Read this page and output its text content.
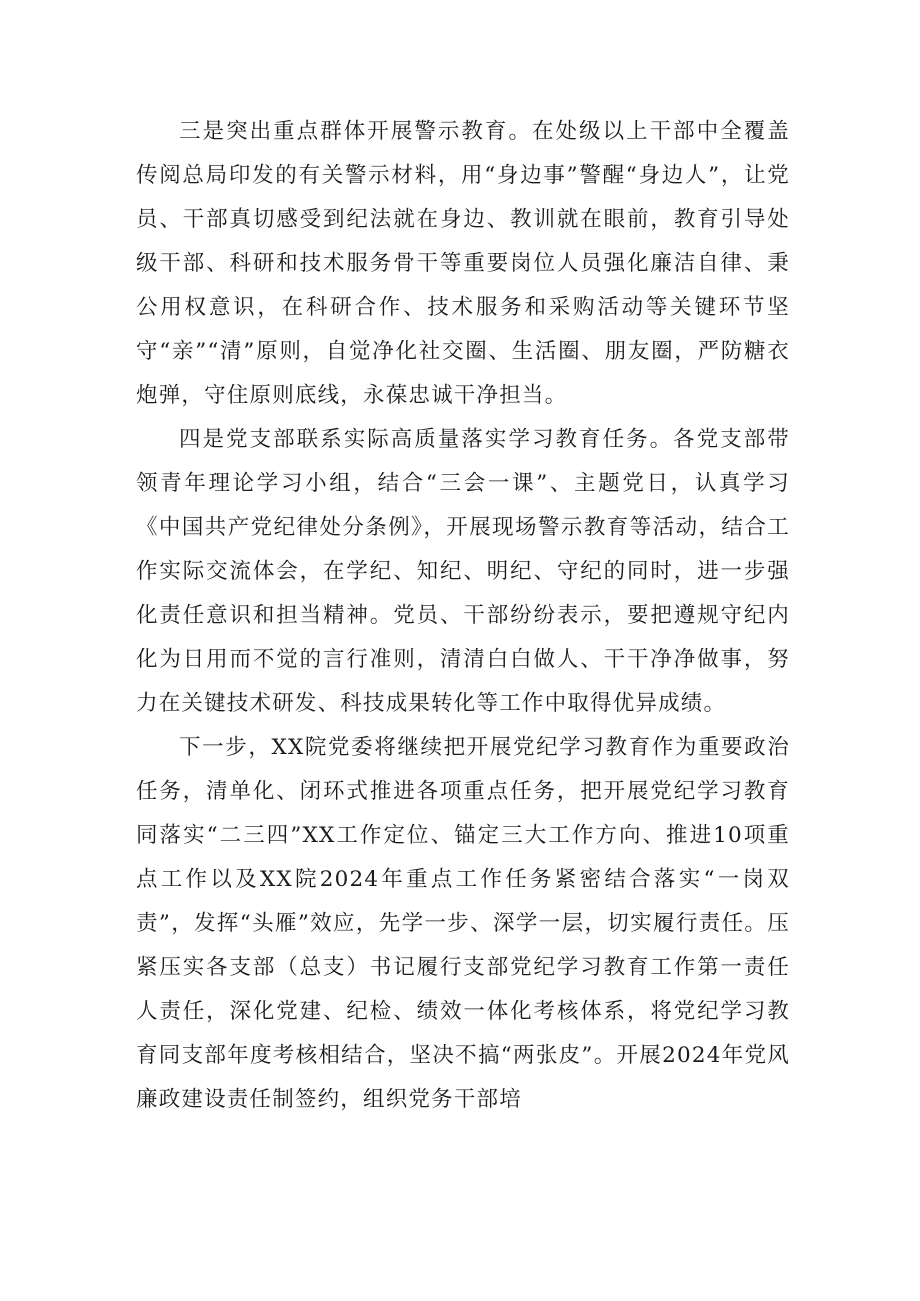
三是突出重点群体开展警示教育。在处级以上干部中全覆盖传阅总局印发的有关警示材料，用“身边事”警醒“身边人”，让党员、干部真切感受到纪法就在身边、教训就在眼前，教育引导处级干部、科研和技术服务骨干等重要岗位人员强化廉洁自律、秉公用权意识，在科研合作、技术服务和采购活动等关键环节坚守“亲”“清”原则，自觉净化社交圈、生活圈、朋友圈，严防糖衣炮弹，守住原则底线，永葆忠诚干净担当。

四是党支部联系实际高质量落实学习教育任务。各党支部带领青年理论学习小组，结合“三会一课”、主题党日，认真学习《中国共产党纪律处分条例》，开展现场警示教育等活动，结合工作实际交流体会，在学纪、知纪、明纪、守纪的同时，进一步强化责任意识和担当精神。党员、干部纷纷表示，要把遵规守纪内化为日用而不觉的言行准则，清清白白做人、干干净净做事，努力在关键技术研发、科技成果转化等工作中取得优异成绩。

下一步，XX院党委将继续把开展党纪学习教育作为重要政治任务，清单化、闭环式推进各项重点任务，把开展党纪学习教育同落实“二三四”XX工作定位、锚定三大工作方向、推进10项重点工作以及XX院2024年重点工作任务紧密结合落实“一岗双责”，发挥“头雁”效应，先学一步、深学一层，切实履行责任。压紧压实各支部（总支）书记履行支部党纪学习教育工作第一责任人责任，深化党建、纪检、绩效一体化考核体系，将党纪学习教育同支部年度考核相结合，坚决不搞“两张皮”。开展2024年党风廉政建设责任制签约，组织党务干部培
